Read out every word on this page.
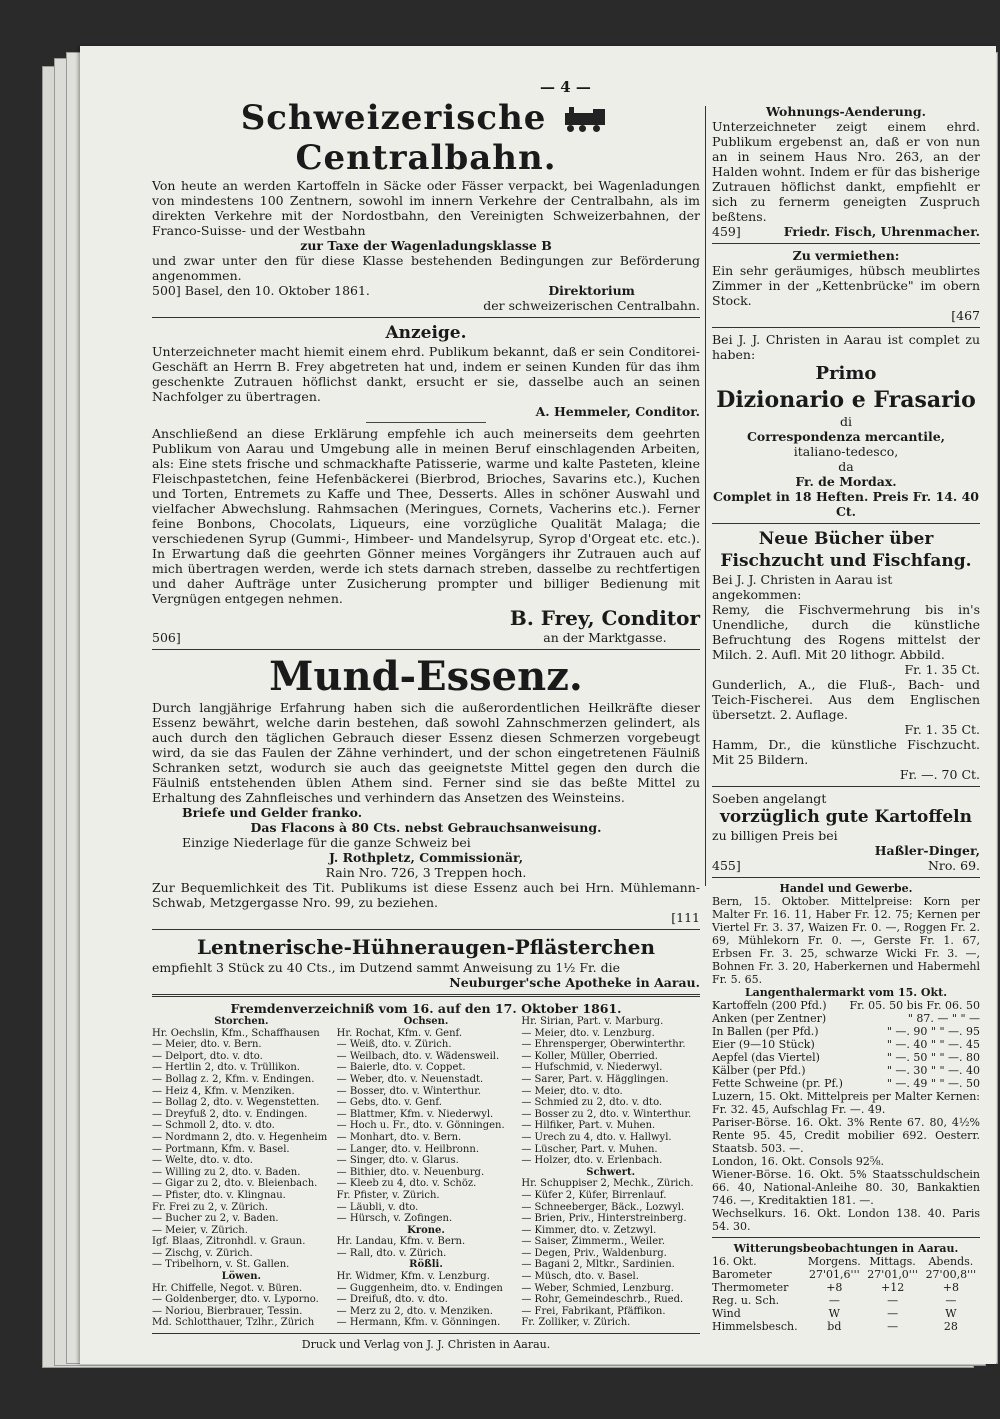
— 4 —
Schweizerische
Centralbahn.

Von heute an werden Kartoffeln in Säcke oder Fässer verpackt, bei Wagenladungen von mindestens 100 Zentnern, sowohl im innern Verkehre der Centralbahn, als im direkten Verkehre mit der Nordostbahn, den Vereinigten Schweizerbahnen, der Franco-Suisse- und der Westbahn

zur Taxe der Wagenladungsklasse B

und zwar unter den für diese Klasse bestehenden Bedingungen zur Beförderung angenommen.

500] Basel, den 10. Oktober 1861.	Direktorium
der schweizerischen Centralbahn.
Anzeige.

Unterzeichneter macht hiemit einem ehrd. Publikum bekannt, daß er sein Conditorei-Geschäft an Herrn B. Frey abgetreten hat und, indem er seinen Kunden für das ihm geschenkte Zutrauen höflichst dankt, ersucht er sie, dasselbe auch an seinen Nachfolger zu übertragen.

A. Hemmeler, Conditor.

Anschließend an diese Erklärung empfehle ich auch meinerseits dem geehrten Publikum von Aarau und Umgebung alle in meinen Beruf einschlagenden Arbeiten, als: Eine stets frische und schmackhafte Patisserie, warme und kalte Pasteten, kleine Fleischpastetchen, feine Hefenbäckerei (Bierbrod, Brioches, Savarins etc.), Kuchen und Torten, Entremets zu Kaffe und Thee, Desserts. Alles in schöner Auswahl und vielfacher Abwechslung. Rahmsachen (Meringues, Cornets, Vacherins etc.). Ferner feine Bonbons, Chocolats, Liqueurs, eine vorzügliche Qualität Malaga; die verschiedenen Syrup (Gummi-, Himbeer- und Mandelsyrup, Syrop d'Orgeat etc. etc.). In Erwartung daß die geehrten Gönner meines Vorgängers ihr Zutrauen auch auf mich übertragen werden, werde ich stets darnach streben, dasselbe zu rechtfertigen und daher Aufträge unter Zusicherung prompter und billiger Bedienung mit Vergnügen entgegen nehmen.

506]
B. Frey, Conditor
an der Marktgasse.
Mund-Essenz.

Durch langjährige Erfahrung haben sich die außerordentlichen Heilkräfte dieser Essenz bewährt, welche darin bestehen, daß sowohl Zahnschmerzen gelindert, als auch durch den täglichen Gebrauch dieser Essenz diesen Schmerzen vorgebeugt wird, da sie das Faulen der Zähne verhindert, und der schon eingetretenen Fäulniß Schranken setzt, wodurch sie auch das geeignetste Mittel gegen den durch die Fäulniß entstehenden üblen Athem sind. Ferner sind sie das beßte Mittel zu Erhaltung des Zahnfleisches und verhindern das Ansetzen des Weinsteins.

Briefe und Gelder franko.

Das Flacons à 80 Cts. nebst Gebrauchsanweisung.

Einzige Niederlage für die ganze Schweiz bei

J. Rothpletz, Commissionär,

Rain Nro. 726, 3 Treppen hoch.

Zur Bequemlichkeit des Tit. Publikums ist diese Essenz auch bei Hrn. Mühlemann-Schwab, Metzgergasse Nro. 99, zu beziehen.

[111

Lentnerische-Hühneraugen-Pflästerchen

empfiehlt 3 Stück zu 40 Cts., im Dutzend sammt Anweisung zu 1½ Fr. die

Neuburger'sche Apotheke in Aarau.

Fremdenverzeichniß vom 16. auf den 17. Oktober 1861.
Storchen.
Hr. Oechslin, Kfm., Schaffhausen
— Meier, dto. v. Bern.
— Delport, dto. v. dto.
— Hertlin 2, dto. v. Trüllikon.
— Bollag z. 2, Kfm. v. Endingen.
— Heiz 4, Kfm. v. Menziken.
— Bollag 2, dto. v. Wegenstetten.
— Dreyfuß 2, dto. v. Endingen.
— Schmoll 2, dto. v. dto.
— Nordmann 2, dto. v. Hegenheim
— Portmann, Kfm. v. Basel.
— Welte, dto. v. dto.
— Willing zu 2, dto. v. Baden.
— Gigar zu 2, dto. v. Bleienbach.
— Pfister, dto. v. Klingnau.
Fr. Frei zu 2, v. Zürich.
— Bucher zu 2, v. Baden.
— Meier, v. Zürich.
Igf. Blaas, Zitronhdl. v. Graun.
— Zischg, v. Zürich.
— Tribelhorn, v. St. Gallen.
Löwen.
Hr. Chiffelle, Negot. v. Büren.
— Goldenberger, dto. v. Lyporno.
— Noriou, Bierbrauer, Tessin.
Md. Schlotthauer, Tzlhr., Zürich
Ochsen.
Hr. Rochat, Kfm. v. Genf.
— Weiß, dto. v. Zürich.
— Weilbach, dto. v. Wädensweil.
— Baierle, dto. v. Coppet.
— Weber, dto. v. Neuenstadt.
— Bosser, dto. v. Winterthur.
— Gebs, dto. v. Genf.
— Blattmer, Kfm. v. Niederwyl.
— Hoch u. Fr., dto. v. Gönningen.
— Monhart, dto. v. Bern.
— Langer, dto. v. Heilbronn.
— Singer, dto. v. Glarus.
— Bithier, dto. v. Neuenburg.
— Kleeb zu 4, dto. v. Schöz.
Fr. Pfister, v. Zürich.
— Läubli, v. dto.
— Hürsch, v. Zofingen.
Krone.
Hr. Landau, Kfm. v. Bern.
— Rall, dto. v. Zürich.
Rößli.
Hr. Widmer, Kfm. v. Lenzburg.
— Guggenheim, dto. v. Endingen
— Dreifuß, dto. v. dto.
— Merz zu 2, dto. v. Menziken.
— Hermann, Kfm. v. Gönningen.
Hr. Sirian, Part. v. Marburg.
— Meier, dto. v. Lenzburg.
— Ehrensperger, Oberwinterthr.
— Koller, Müller, Oberried.
— Hufschmid, v. Niederwyl.
— Sarer, Part. v. Hägglingen.
— Meier, dto. v. dto.
— Schmied zu 2, dto. v. dto.
— Bosser zu 2, dto. v. Winterthur.
— Hilfiker, Part. v. Muhen.
— Urech zu 4, dto. v. Hallwyl.
— Lüscher, Part. v. Muhen.
— Holzer, dto. v. Erlenbach.
Schwert.
Hr. Schuppiser 2, Mechk., Zürich.
— Küfer 2, Küfer, Birrenlauf.
— Schneeberger, Bäck., Lozwyl.
— Brien, Priv., Hinterstreinberg.
— Kimmer, dto. v. Zetzwyl.
— Saiser, Zimmerm., Weiler.
— Degen, Priv., Waldenburg.
— Bagani 2, Mltkr., Sardinien.
— Müsch, dto. v. Basel.
— Weber, Schmied, Lenzburg.
— Rohr, Gemeindeschrb., Rued.
— Frei, Fabrikant, Pfäffikon.
Fr. Zolliker, v. Zürich.
Druck und Verlag von J. J. Christen in Aarau.
Wohnungs-Aenderung.

Unterzeichneter zeigt einem ehrd. Publikum ergebenst an, daß er von nun an in seinem Haus Nro. 263, an der Halden wohnt. Indem er für das bisherige Zutrauen höflichst dankt, empfiehlt er sich zu fernerm geneigten Zuspruch beßtens.

459]	Friedr. Fisch, Uhrenmacher.
Zu vermiethen:

Ein sehr geräumiges, hübsch meublirtes Zimmer in der „Kettenbrücke" im obern Stock.

[467

Bei J. J. Christen in Aarau ist complet zu haben:

Primo
Dizionario e Frasario
di
Correspondenza mercantile,
italiano-tedesco,
da
Fr. de Mordax.
Complet in 18 Heften. Preis Fr. 14. 40 Ct.
Neue Bücher über Fischzucht und Fischfang.

Bei J. J. Christen in Aarau ist angekommen:

Remy, die Fischvermehrung bis in's Unendliche, durch die künstliche Befruchtung des Rogens mittelst der Milch. 2. Aufl. Mit 20 lithogr. Abbild.

Fr. 1. 35 Ct.

Gunderlich, A., die Fluß-, Bach- und Teich-Fischerei. Aus dem Englischen übersetzt. 2. Auflage.

Fr. 1. 35 Ct.

Hamm, Dr., die künstliche Fischzucht. Mit 25 Bildern.

Fr. —. 70 Ct.

Soeben angelangt

vorzüglich gute Kartoffeln

zu billigen Preis bei

Haßler-Dinger,

455]	Nro. 69.
Handel und Gewerbe.

Bern, 15. Oktober. Mittelpreise: Korn per Malter Fr. 16. 11, Haber Fr. 12. 75; Kernen per Viertel Fr. 3. 37, Waizen Fr. 0. —, Roggen Fr. 2. 69, Mühlekorn Fr. 0. —, Gerste Fr. 1. 67, Erbsen Fr. 3. 25, schwarze Wicki Fr. 3. —, Bohnen Fr. 3. 20, Haberkernen und Habermehl Fr. 5. 65.

Langenthalermarkt vom 15. Okt.
Kartoffeln (200 Pfd.) Fr. 05. 50 bis Fr. 06. 50
Anken (per Zentner)	" 87. — " " —
In Ballen (per Pfd.)	" —. 90 " " —. 95
Eier (9—10 Stück)	" —. 40 " " —. 45
Aepfel (das Viertel)	" —. 50 " " —. 80
Kälber (per Pfd.)	" —. 30 " " —. 40
Fette Schweine (pr. Pf.)	" —. 49 " " —. 50

Luzern, 15. Okt. Mittelpreis per Malter Kernen: Fr. 32. 45, Aufschlag Fr. —. 49.

Pariser-Börse. 16. Okt. 3% Rente 67. 80, 4½% Rente 95. 45, Credit mobilier 692. Oesterr. Staatsb. 503. —.

London, 16. Okt. Consols 92⅝.

Wiener-Börse. 16. Okt. 5% Staatsschuldschein 66. 40, National-Anleihe 80. 30, Bankaktien 746. —, Kreditaktien 181. —.

Wechselkurs. 16. Okt. London 138. 40. Paris 54. 30.

Witterungsbeobachtungen in Aarau.
16. Okt.	Morgens. Mittags.	Abends.
Barometer	27'01,6''' 27'01,0''' 27'00,8'''
Thermometer	+8	+12	+8
Reg. u. Sch.	—	—	—
Wind	W	—	W
Himmelsbesch.	bd	—	28
